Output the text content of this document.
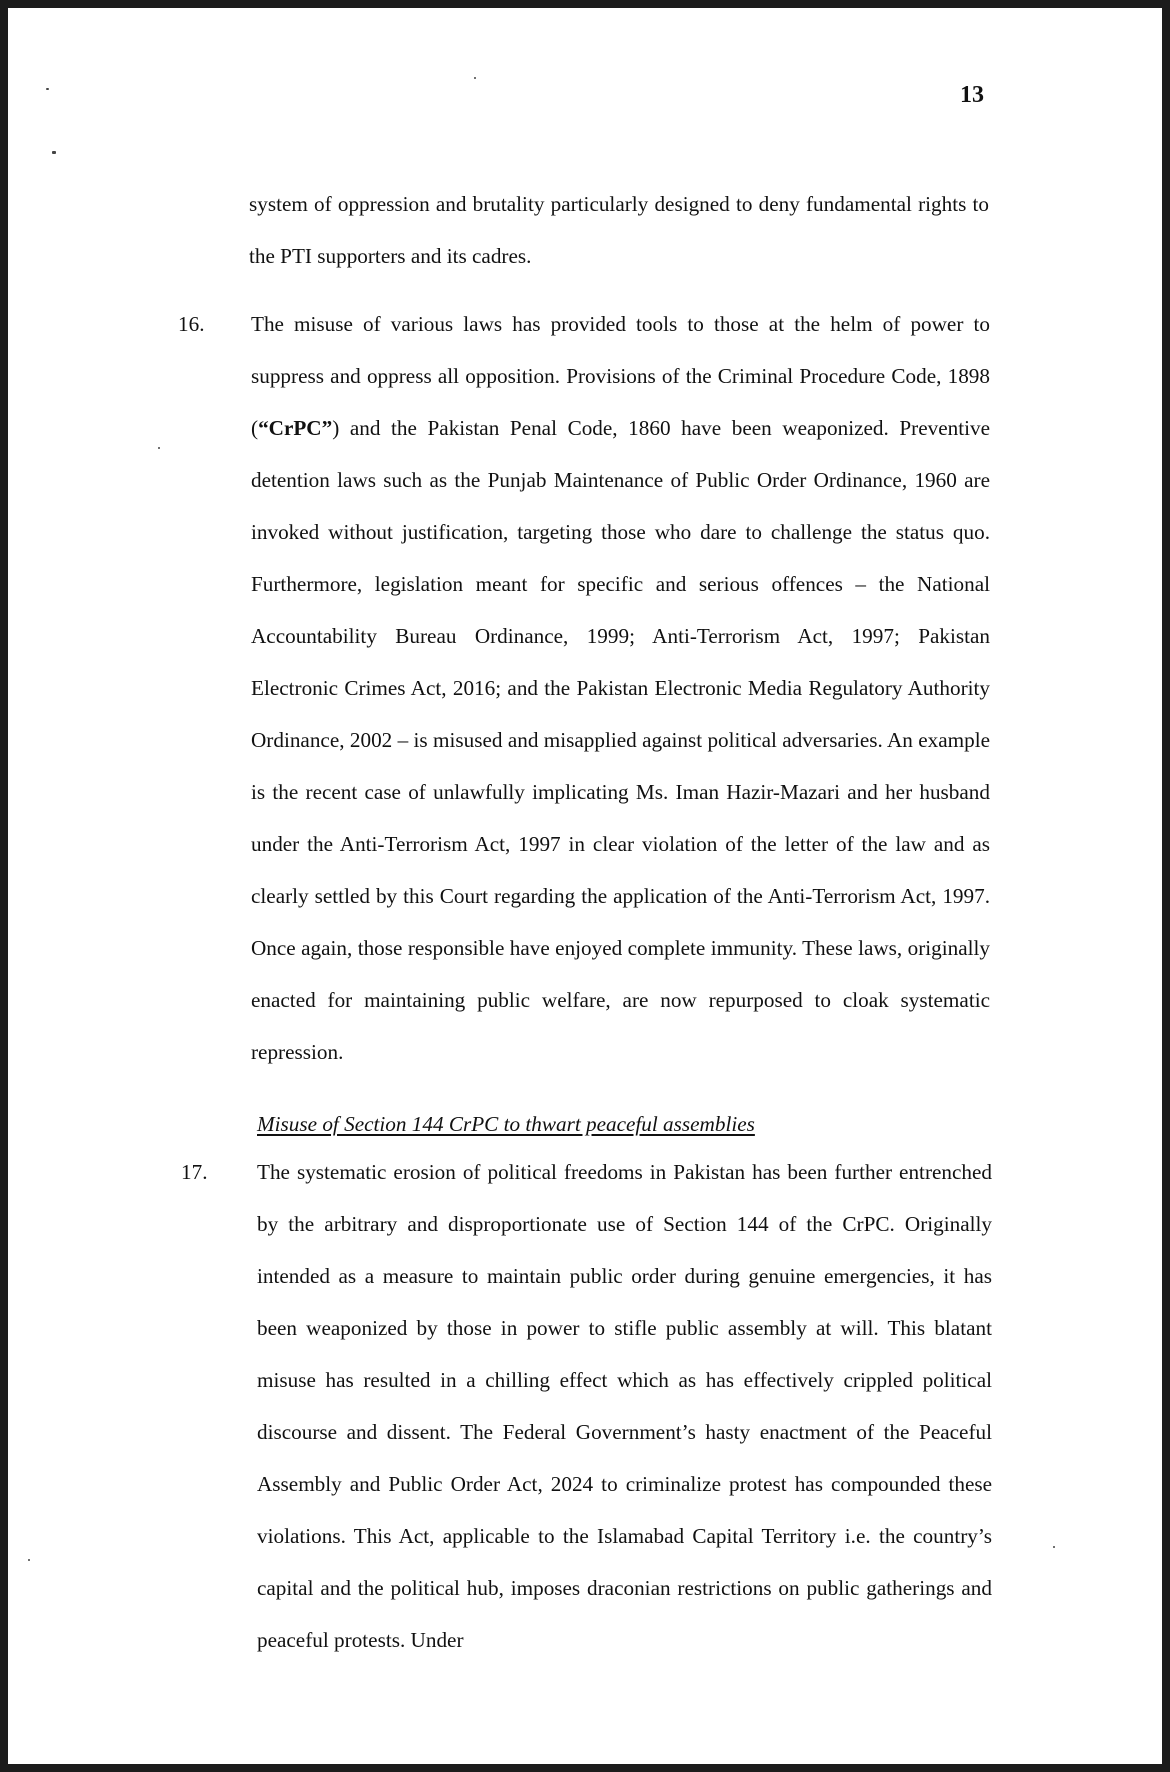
13

system of oppression and brutality particularly designed to deny fundamental rights to the PTI supporters and its cadres.

16. The misuse of various laws has provided tools to those at the helm of power to suppress and oppress all opposition. Provisions of the Criminal Procedure Code, 1898 (“CrPC”) and the Pakistan Penal Code, 1860 have been weaponized. Preventive detention laws such as the Punjab Maintenance of Public Order Ordinance, 1960 are invoked without justification, targeting those who dare to challenge the status quo. Furthermore, legislation meant for specific and serious offences – the National Accountability Bureau Ordinance, 1999; Anti-Terrorism Act, 1997; Pakistan Electronic Crimes Act, 2016; and the Pakistan Electronic Media Regulatory Authority Ordinance, 2002 – is misused and misapplied against political adversaries. An example is the recent case of unlawfully implicating Ms. Iman Hazir-Mazari and her husband under the Anti-Terrorism Act, 1997 in clear violation of the letter of the law and as clearly settled by this Court regarding the application of the Anti-Terrorism Act, 1997. Once again, those responsible have enjoyed complete immunity. These laws, originally enacted for maintaining public welfare, are now repurposed to cloak systematic repression.

Misuse of Section 144 CrPC to thwart peaceful assemblies

17. The systematic erosion of political freedoms in Pakistan has been further entrenched by the arbitrary and disproportionate use of Section 144 of the CrPC. Originally intended as a measure to maintain public order during genuine emergencies, it has been weaponized by those in power to stifle public assembly at will. This blatant misuse has resulted in a chilling effect which as has effectively crippled political discourse and dissent. The Federal Government’s hasty enactment of the Peaceful Assembly and Public Order Act, 2024 to criminalize protest has compounded these violations. This Act, applicable to the Islamabad Capital Territory i.e. the country’s capital and the political hub, imposes draconian restrictions on public gatherings and peaceful protests. Under
